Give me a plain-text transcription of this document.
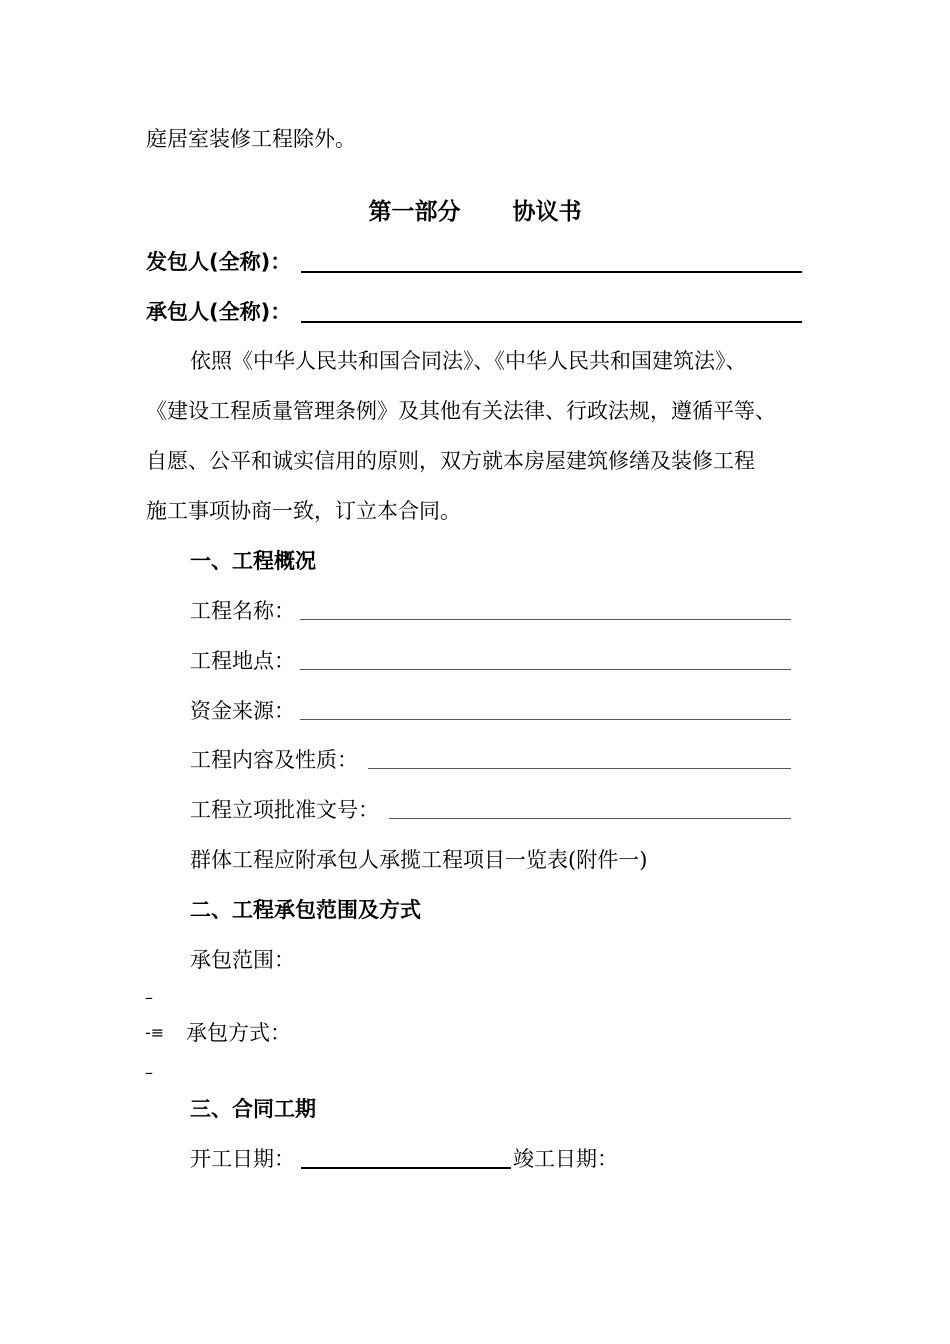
庭居室装修工程除外。
第一部分 协议书
发包人(全称)：
承包人(全称)：
依照《中华人民共和国合同法》、《中华人民共和国建筑法》、
《建设工程质量管理条例》及其他有关法律、行政法规，遵循平等、
自愿、公平和诚实信用的原则，双方就本房屋建筑修缮及装修工程
施工事项协商一致，订立本合同。
一、工程概况
工程名称：
工程地点：
资金来源：
工程内容及性质：
工程立项批准文号：
群体工程应附承包人承揽工程项目一览表(附件一)
二、工程承包范围及方式
承包范围：
–
-≡ 承包方式：
–
三、合同工期
开工日期：	竣工日期：
